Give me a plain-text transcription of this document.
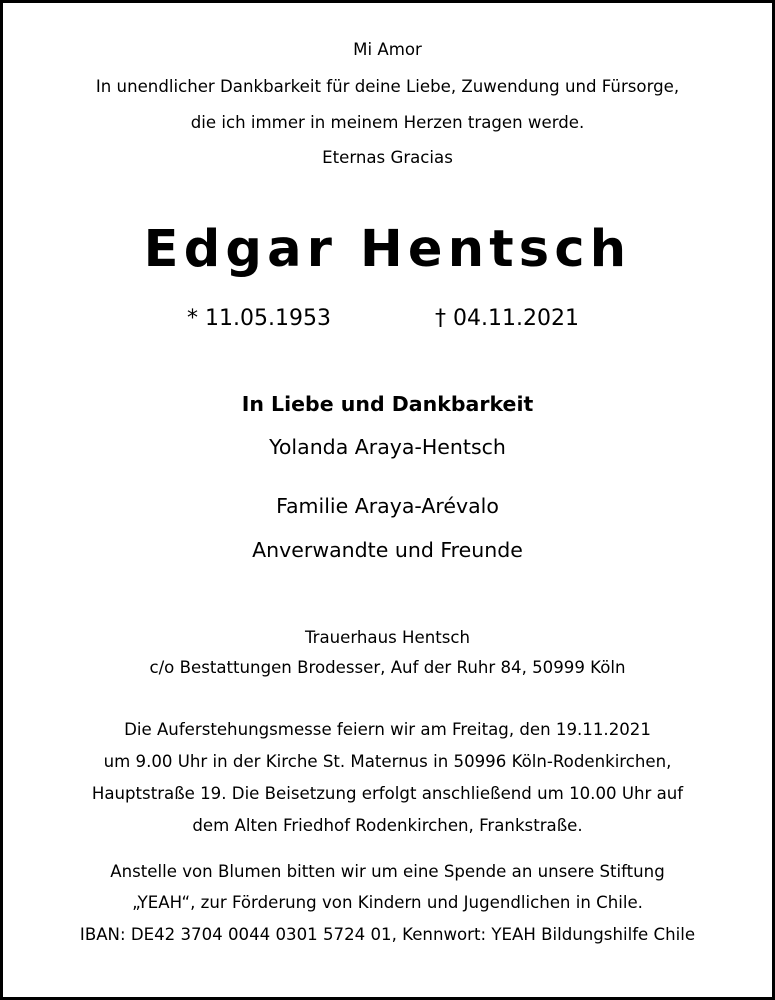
Mi Amor
In unendlicher Dankbarkeit für deine Liebe, Zuwendung und Fürsorge,
die ich immer in meinem Herzen tragen werde.
Eternas Gracias
Edgar Hentsch
* 11.05.1953	† 04.11.2021
In Liebe und Dankbarkeit
Yolanda Araya-Hentsch
Familie Araya-Arévalo
Anverwandte und Freunde
Trauerhaus Hentsch
c/o Bestattungen Brodesser, Auf der Ruhr 84, 50999 Köln
Die Auferstehungsmesse feiern wir am Freitag, den 19.11.2021
um 9.00 Uhr in der Kirche St. Maternus in 50996 Köln-Rodenkirchen,
Hauptstraße 19. Die Beisetzung erfolgt anschließend um 10.00 Uhr auf
dem Alten Friedhof Rodenkirchen, Frankstraße.
Anstelle von Blumen bitten wir um eine Spende an unsere Stiftung
„YEAH“, zur Förderung von Kindern und Jugendlichen in Chile.
IBAN: DE42 3704 0044 0301 5724 01, Kennwort: YEAH Bildungshilfe Chile
